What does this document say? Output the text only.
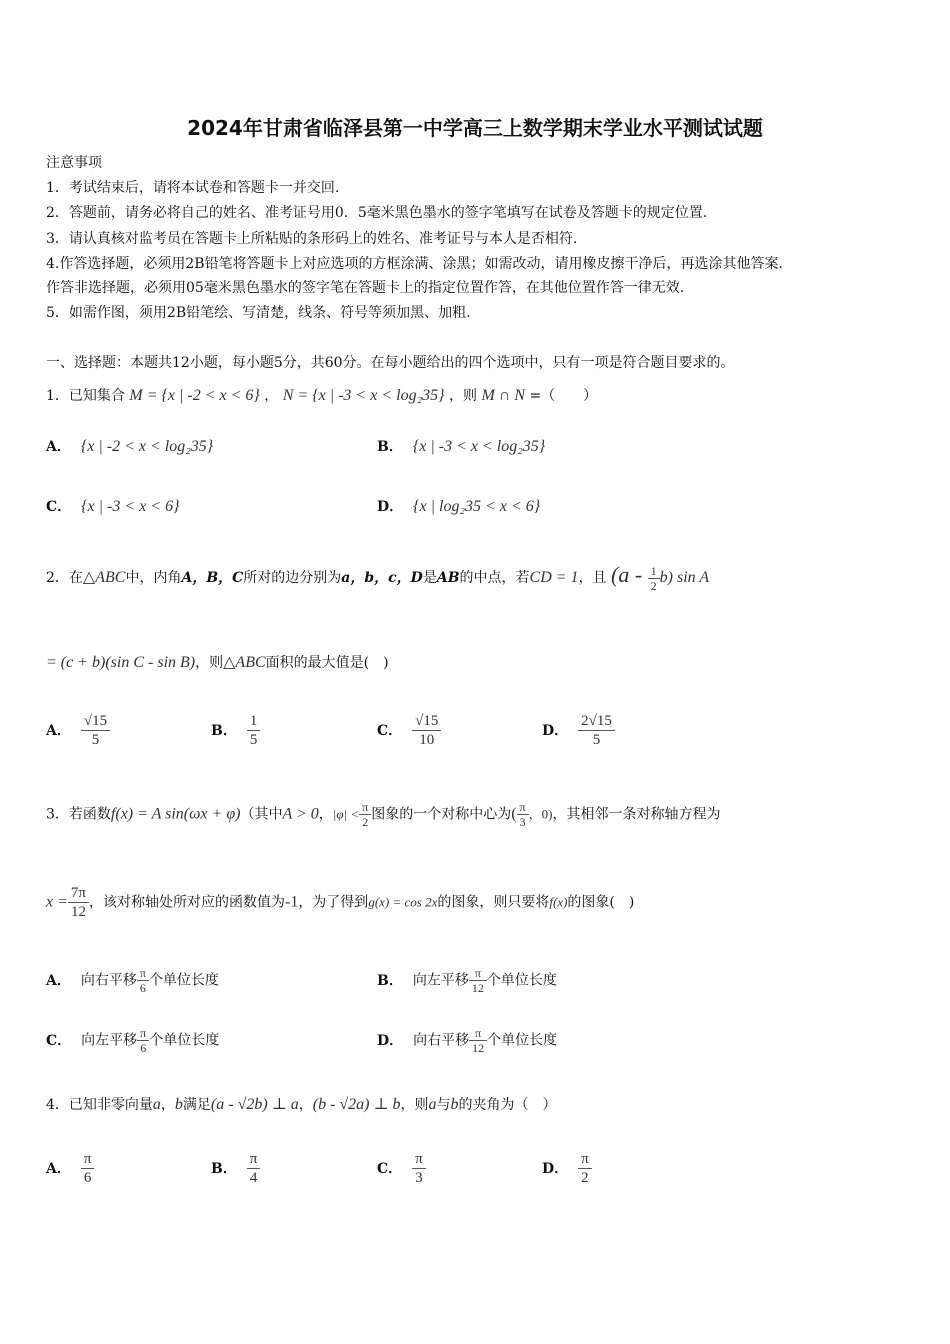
2024年甘肃省临泽县第一中学高三上数学期末学业水平测试试题
注意事项
1．考试结束后，请将本试卷和答题卡一并交回.
2．答题前，请务必将自己的姓名、准考证号用0．5毫米黑色墨水的签字笔填写在试卷及答题卡的规定位置.
3．请认真核对监考员在答题卡上所粘贴的条形码上的姓名、准考证号与本人是否相符.
4.作答选择题，必须用2B铅笔将答题卡上对应选项的方框涂满、涂黑；如需改动，请用橡皮擦干净后，再选涂其他答案.
作答非选择题，必须用05毫米黑色墨水的签字笔在答题卡上的指定位置作答，在其他位置作答一律无效.
5．如需作图，须用2B铅笔绘、写清楚，线条、符号等须加黑、加粗.
一、选择题：本题共12小题，每小题5分，共60分。在每小题给出的四个选项中，只有一项是符合题目要求的。
1．已知集合 M = {x | -2 < x < 6} ， N = {x | -3 < x < log₂35} ，则 M ∩ N =（　　）
A． {x | -2 < x < log₂35}	B． {x | -3 < x < log₂35}
C． {x | -3 < x < 6}	D． {x | log₂35 < x < 6}
2．在△ABC中，内角A，B，C所对的边分别为a，b，c，D是AB的中点，若CD = 1，且 $(a - \frac{1}{2} b)$ sin A
= (c + b)(sin C - sin B)，则△ABC面积的最大值是(　)
A． $\frac{√15}{5}$	B． $\frac{1}{5}$	C． $\frac{√15}{10}$	D． $\frac{2√15}{5}$
3．若函数f(x) = A sin(ωx + φ)（其中A > 0，$|\varphi| < \frac{\pi}{2}$ 图象的一个对称中心为( $\frac{\pi}{3}$ ，0)，其相邻一条对称轴方程为
$x = \frac{7\pi}{12}$ ，该对称轴处所对应的函数值为-1，为了得到g(x) = cos 2x的图象，则只要将f(x)的图象(　)
A． 向右平移 $\frac{\pi}{6}$ 个单位长度	B． 向左平移 $\frac{\pi}{12}$ 个单位长度
C． 向左平移 $\frac{\pi}{6}$ 个单位长度	D． 向右平移 $\frac{\pi}{12}$ 个单位长度
4．已知非零向量a，b满足(a - √2b) ⊥ a，(b - √2a) ⊥ b，则a与b的夹角为（　）
A． $\frac{\pi}{6}$	B． $\frac{\pi}{4}$	C． $\frac{\pi}{3}$	D． $\frac{\pi}{2}$
